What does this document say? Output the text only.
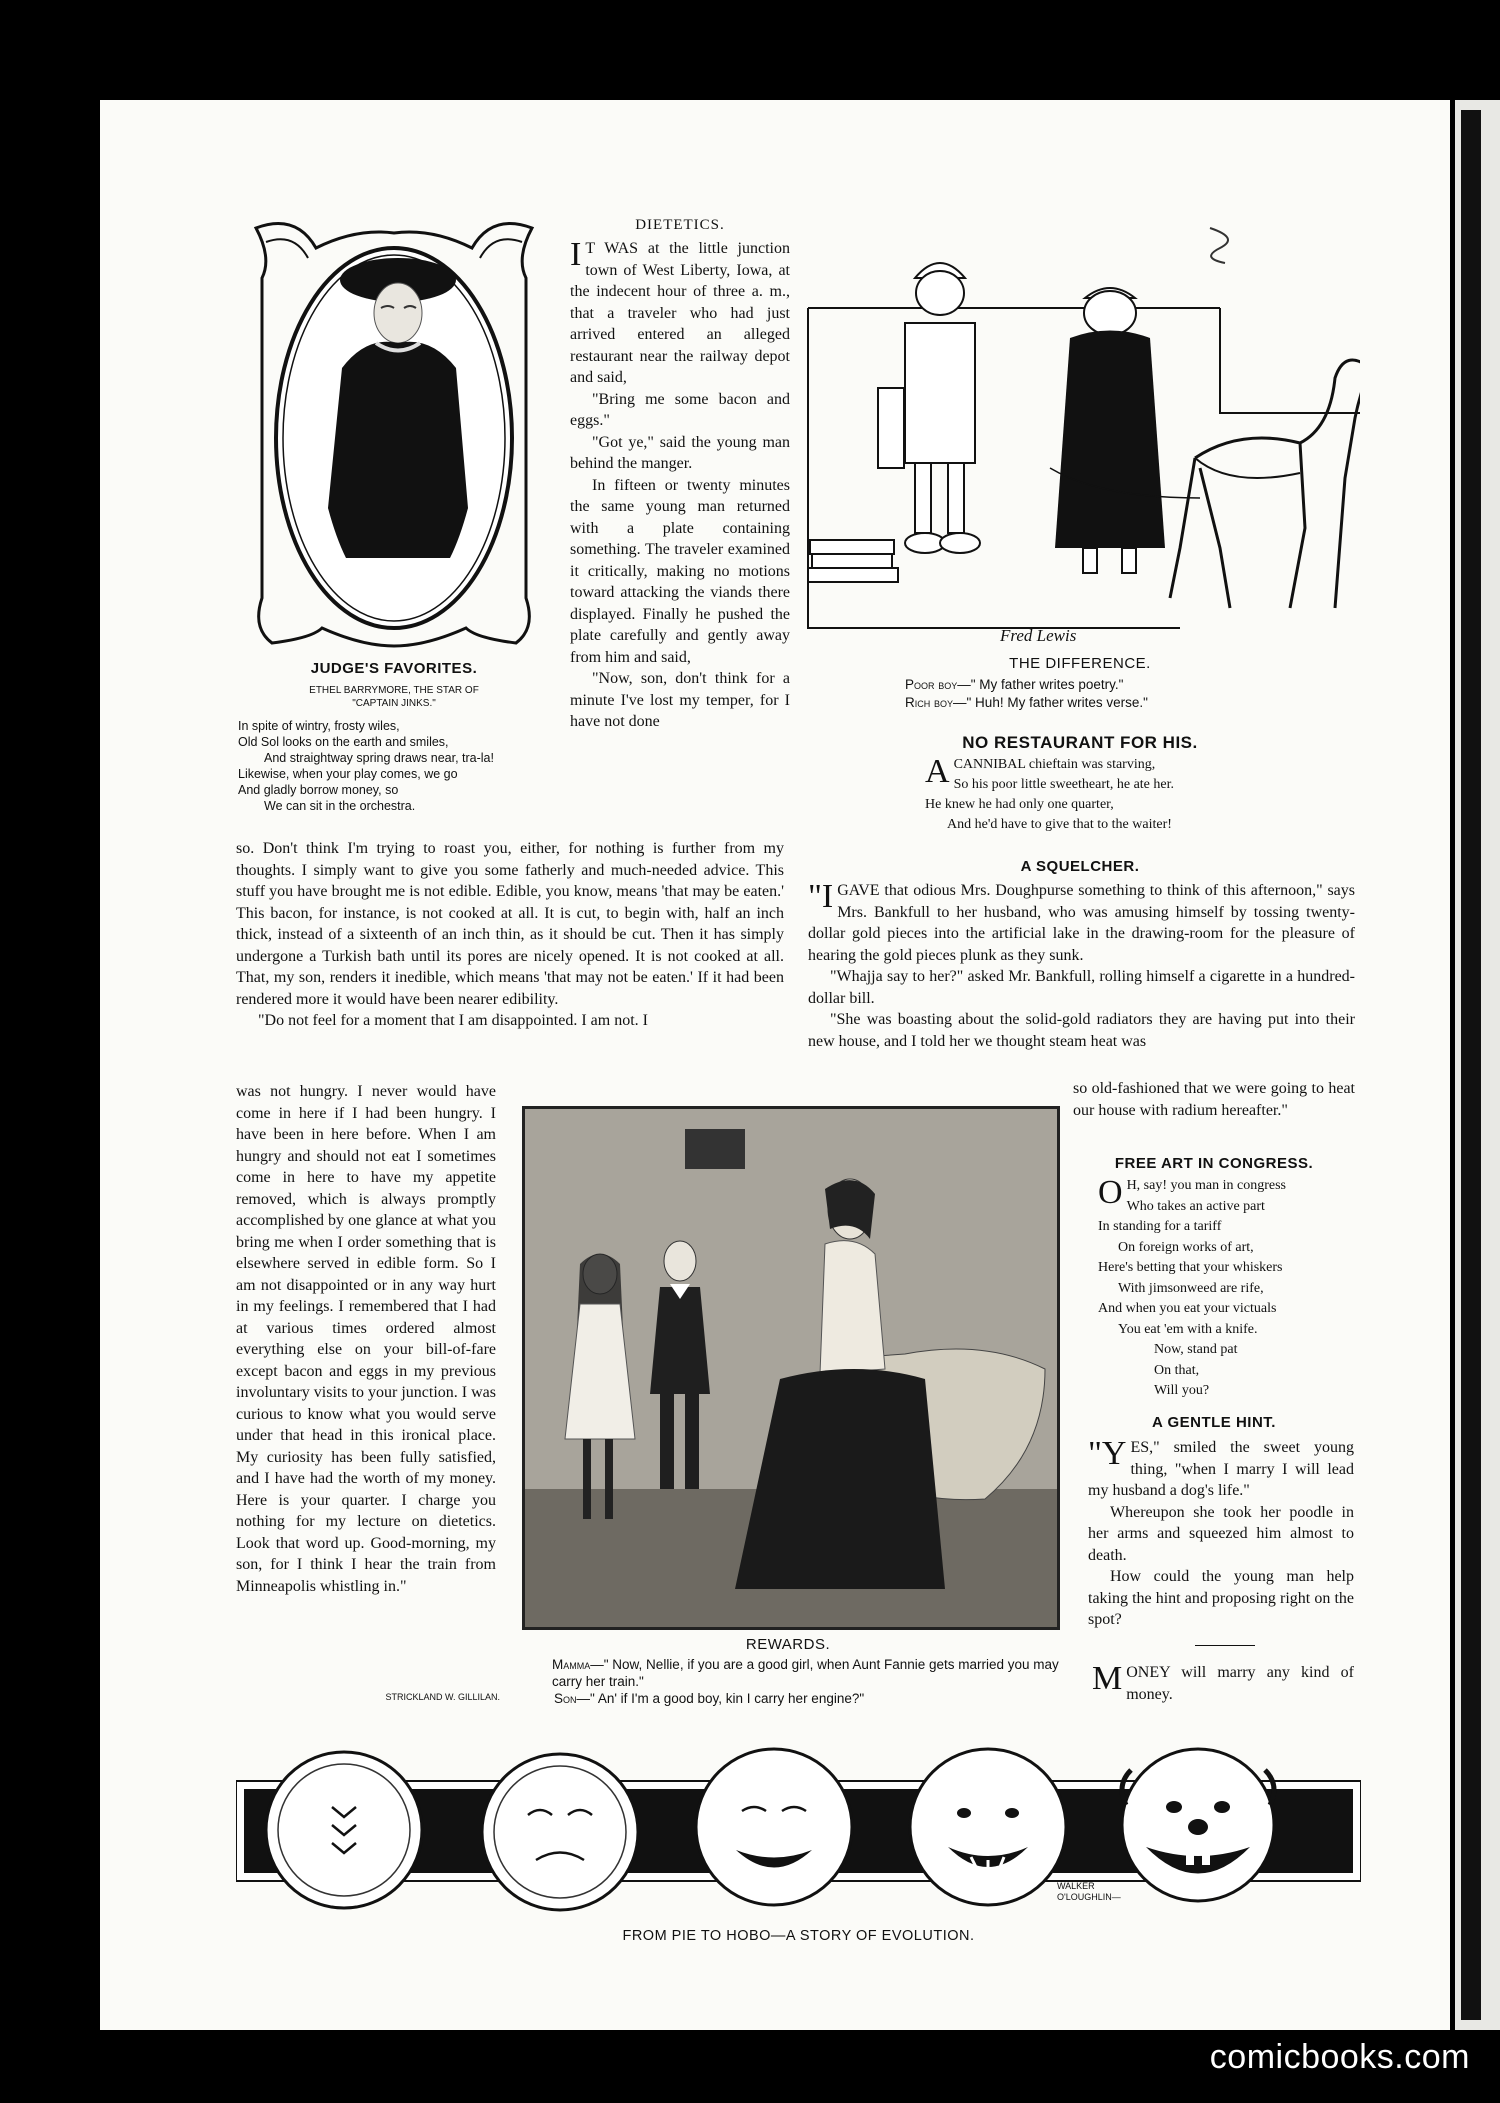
JUDGE'S FAVORITES.
ETHEL BARRYMORE, THE STAR OF
"CAPTAIN JINKS."
In spite of wintry, frosty wiles,
Old Sol looks on the earth and smiles,
And straightway spring draws near, tra-la!
Likewise, when your play comes, we go
And gladly borrow money, so
We can sit in the orchestra.
DIETETICS.

I T WAS at the little junction town of West Liberty, Iowa, at the indecent hour of three a. m., that a traveler who had just arrived entered an alleged restaurant near the railway depot and said,

"Bring me some bacon and eggs."

"Got ye," said the young man behind the manger.

In fifteen or twenty minutes the same young man returned with a plate containing something. The traveler examined it critically, making no motions toward attacking the viands there displayed. Finally he pushed the plate carefully and gently away from him and said,

"Now, son, don't think for a minute I've lost my temper, for I have not done

so. Don't think I'm trying to roast you, either, for nothing is further from my thoughts. I simply want to give you some fatherly and much-needed advice. This stuff you have brought me is not edible. Edible, you know, means 'that may be eaten.' This bacon, for instance, is not cooked at all. It is cut, to begin with, half an inch thick, instead of a sixteenth of an inch thin, as it should be cut. Then it has simply undergone a Turkish bath until its pores are nicely opened. It is not cooked at all. That, my son, renders it inedible, which means 'that may not be eaten.' If it had been rendered more it would have been nearer edibility.

"Do not feel for a moment that I am disappointed. I am not. I

was not hungry. I never would have come in here if I had been hungry. I have been in here before. When I am hungry and should not eat I sometimes come in here to have my appetite removed, which is always promptly accomplished by one glance at what you bring me when I order something that is elsewhere served in edible form. So I am not disappointed or in any way hurt in my feelings. I remembered that I had at various times ordered almost everything else on your bill-of-fare except bacon and eggs in my previous involuntary visits to your junction. I was curious to know what you would serve under that head in this ironical place. My curiosity has been fully satisfied, and I have had the worth of my money. Here is your quarter. I charge you nothing for my lecture on dietetics. Look that word up. Good-morning, my son, for I think I hear the train from Minneapolis whistling in."

STRICKLAND W. GILLILAN.
Fred Lewis
THE DIFFERENCE.
Poor boy—" My father writes poetry."
Rich boy—" Huh! My father writes verse."
NO RESTAURANT FOR HIS.
A CANNIBAL chieftain was starving,
So his poor little sweetheart, he ate her.
He knew he had only one quarter,
And he'd have to give that to the waiter!
A SQUELCHER.

"IGAVE that odious Mrs. Doughpurse something to think of this afternoon," says Mrs. Bankfull to her husband, who was amusing himself by tossing twenty-dollar gold pieces into the artificial lake in the drawing-room for the pleasure of hearing the gold pieces plunk as they sunk.

"Whajja say to her?" asked Mr. Bankfull, rolling himself a cigarette in a hundred-dollar bill.

"She was boasting about the solid-gold radiators they are having put into their new house, and I told her we thought steam heat was

so old-fashioned that we were going to heat our house with radium hereafter."

FREE ART IN CONGRESS.
O H, say! you man in congress
Who takes an active part
In standing for a tariff
On foreign works of art,
Here's betting that your whiskers
With jimsonweed are rife,
And when you eat your victuals
You eat 'em with a knife.
Now, stand pat
On that,
Will you?
A GENTLE HINT.

"YES," smiled the sweet young thing, "when I marry I will lead my husband a dog's life."

Whereupon she took her poodle in her arms and squeezed him almost to death.

How could the young man help taking the hint and proposing right on the spot?

MONEY will marry any kind of money.

REWARDS.
Mamma—" Now, Nellie, if you are a good girl, when Aunt Fannie gets married you may carry her train."
Son—" An' if I'm a good boy, kin I carry her engine?"
WALKER
O'LOUGHLIN—
FROM PIE TO HOBO—A STORY OF EVOLUTION.
comicbooks.com
